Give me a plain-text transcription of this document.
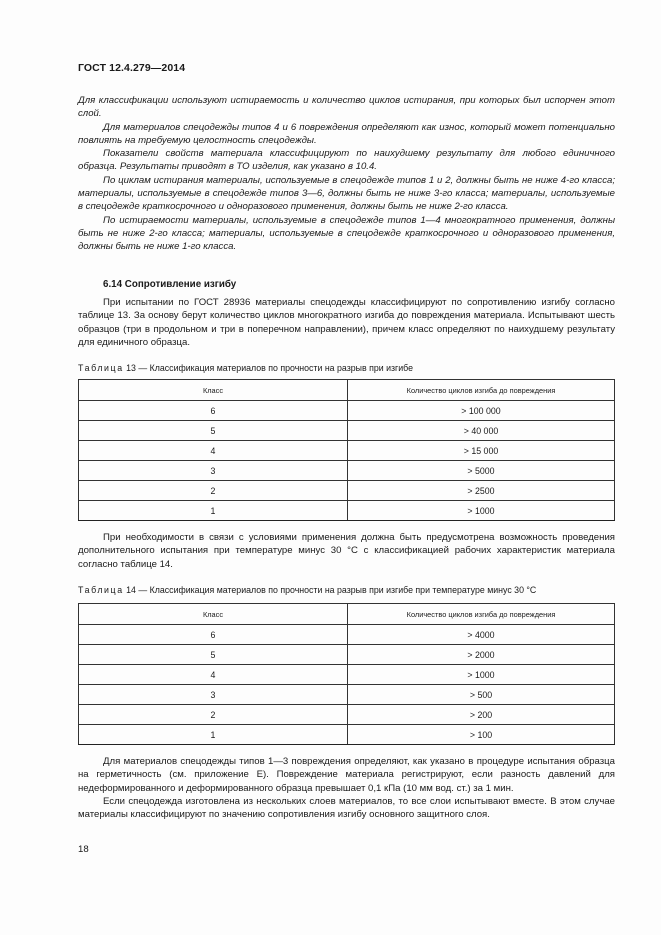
ГОСТ 12.4.279—2014

Для классификации используют истираемость и количество циклов истирания, при которых был испорчен этот слой.

Для материалов спецодежды типов 4 и 6 повреждения определяют как износ, который может потенциально повлиять на требуемую целостность спецодежды.

Показатели свойств материала классифицируют по наихудшему результату для любого единичного образца. Результаты приводят в ТО изделия, как указано в 10.4.

По циклам истирания материалы, используемые в спецодежде типов 1 и 2, должны быть не ниже 4-го класса; материалы, используемые в спецодежде типов 3—6, должны быть не ниже 3-го класса; материалы, используемые в спецодежде краткосрочного и одноразового применения, должны быть не ниже 2-го класса.

По истираемости материалы, используемые в спецодежде типов 1—4 многократного применения, должны быть не ниже 2-го класса; материалы, используемые в спецодежде краткосрочного и одноразового применения, должны быть не ниже 1-го класса.

6.14 Сопротивление изгибу

При испытании по ГОСТ 28936 материалы спецодежды классифицируют по сопротивлению изгибу согласно таблице 13. За основу берут количество циклов многократного изгиба до повреждения материала. Испытывают шесть образцов (три в продольном и три в поперечном направлении), причем класс определяют по наихудшему результату для единичного образца.

Таблица 13 — Классификация материалов по прочности на разрыв при изгибе
Класс	Количество циклов изгиба до повреждения
6	> 100 000
5	> 40 000
4	> 15 000
3	> 5000
2	> 2500
1	> 1000

При необходимости в связи с условиями применения должна быть предусмотрена возможность проведения дополнительного испытания при температуре минус 30 °С с классификацией рабочих характеристик материала согласно таблице 14.

Таблица 14 — Классификация материалов по прочности на разрыв при изгибе при температуре минус 30 °С
Класс	Количество циклов изгиба до повреждения
6	> 4000
5	> 2000
4	> 1000
3	> 500
2	> 200
1	> 100

Для материалов спецодежды типов 1—3 повреждения определяют, как указано в процедуре испытания образца на герметичность (см. приложение Е). Повреждение материала регистрируют, если разность давлений для недеформированного и деформированного образца превышает 0,1 кПа (10 мм вод. ст.) за 1 мин.

Если спецодежда изготовлена из нескольких слоев материалов, то все слои испытывают вместе. В этом случае материалы классифицируют по значению сопротивления изгибу основного защитного слоя.

18
